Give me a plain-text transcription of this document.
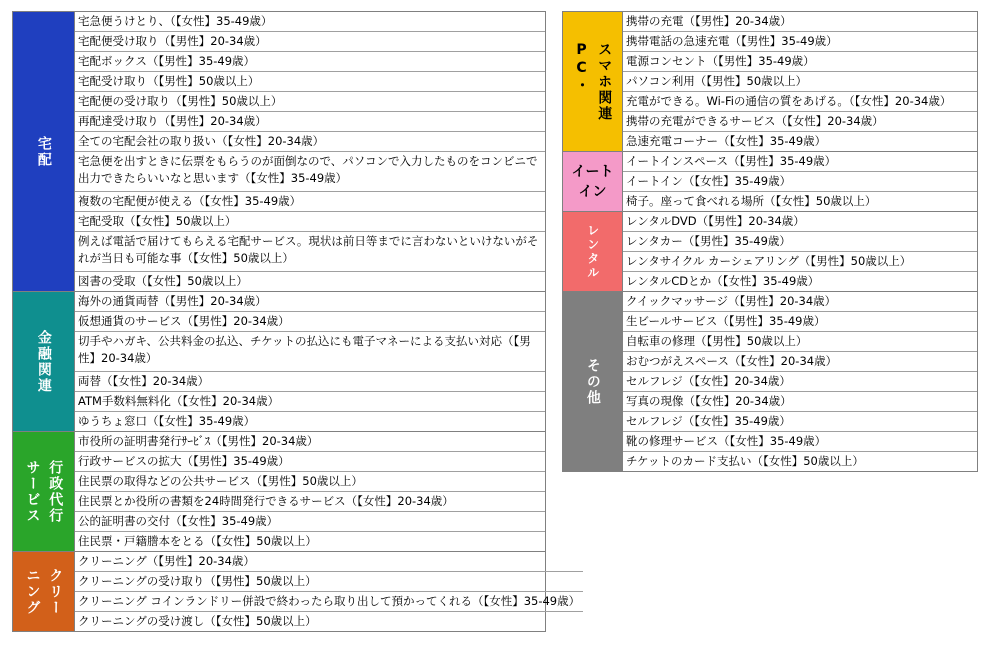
宅配
宅急便うけとり、（【女性】35-49歳）
宅配便受け取り（【男性】20-34歳）
宅配ボックス（【男性】35-49歳）
宅配受け取り（【男性】50歳以上）
宅配便の受け取り（【男性】50歳以上）
再配達受け取り（【男性】20-34歳）
全ての宅配会社の取り扱い（【女性】20-34歳）
宅急便を出すときに伝票をもらうのが面倒なので、パソコンで入力したものをコンビニで出力できたらいいなと思います（【女性】35-49歳）
複数の宅配便が使える（【女性】35-49歳）
宅配受取（【女性】50歳以上）
例えば電話で届けてもらえる宅配サービス。現状は前日等までに言わないといけないがそれが当日も可能な事（【女性】50歳以上）
図書の受取（【女性】50歳以上）
金融関連
海外の通貨両替（【男性】20-34歳）
仮想通貨のサービス（【男性】20-34歳）
切手やハガキ、公共料金の払込、チケットの払込にも電子マネーによる支払い対応（【男性】20-34歳）
両替（【女性】20-34歳）
ATM手数料無料化（【女性】20-34歳）
ゆうちょ窓口（【女性】35-49歳）
行政代行
サービス
市役所の証明書発行ｻｰﾋﾞｽ（【男性】20-34歳）
行政サービスの拡大（【男性】35-49歳）
住民票の取得などの公共サービス（【男性】50歳以上）
住民票とか役所の書類を24時間発行できるサービス（【女性】20-34歳）
公的証明書の交付（【女性】35-49歳）
住民票・戸籍謄本をとる（【女性】50歳以上）
クリー
ニング
クリーニング（【男性】20-34歳）
クリーニングの受け取り（【男性】50歳以上）
クリーニング コインランドリー併設で終わったら取り出して預かってくれる（【女性】35-49歳）
クリーニングの受け渡し（【女性】50歳以上）
スマホ関連
PC・
携帯の充電（【男性】20-34歳）
携帯電話の急速充電（【男性】35-49歳）
電源コンセント（【男性】35-49歳）
パソコン利用（【男性】50歳以上）
充電ができる。Wi-Fiの通信の質をあげる。（【女性】20-34歳）
携帯の充電ができるサービス（【女性】20-34歳）
急速充電コーナー（【女性】35-49歳）
イート
イン
イートインスペース（【男性】35-49歳）
イートイン（【女性】35-49歳）
椅子。座って食べれる場所（【女性】50歳以上）
レンタル
レンタルDVD（【男性】20-34歳）
レンタカー（【男性】35-49歳）
レンタサイクル カーシェアリング（【男性】50歳以上）
レンタルCDとか（【女性】35-49歳）
その他
クイックマッサージ（【男性】20-34歳）
生ビールサービス（【男性】35-49歳）
自転車の修理（【男性】50歳以上）
おむつがえスペース（【女性】20-34歳）
セルフレジ（【女性】20-34歳）
写真の現像（【女性】20-34歳）
セルフレジ（【女性】35-49歳）
靴の修理サービス（【女性】35-49歳）
チケットのカード支払い（【女性】50歳以上）
